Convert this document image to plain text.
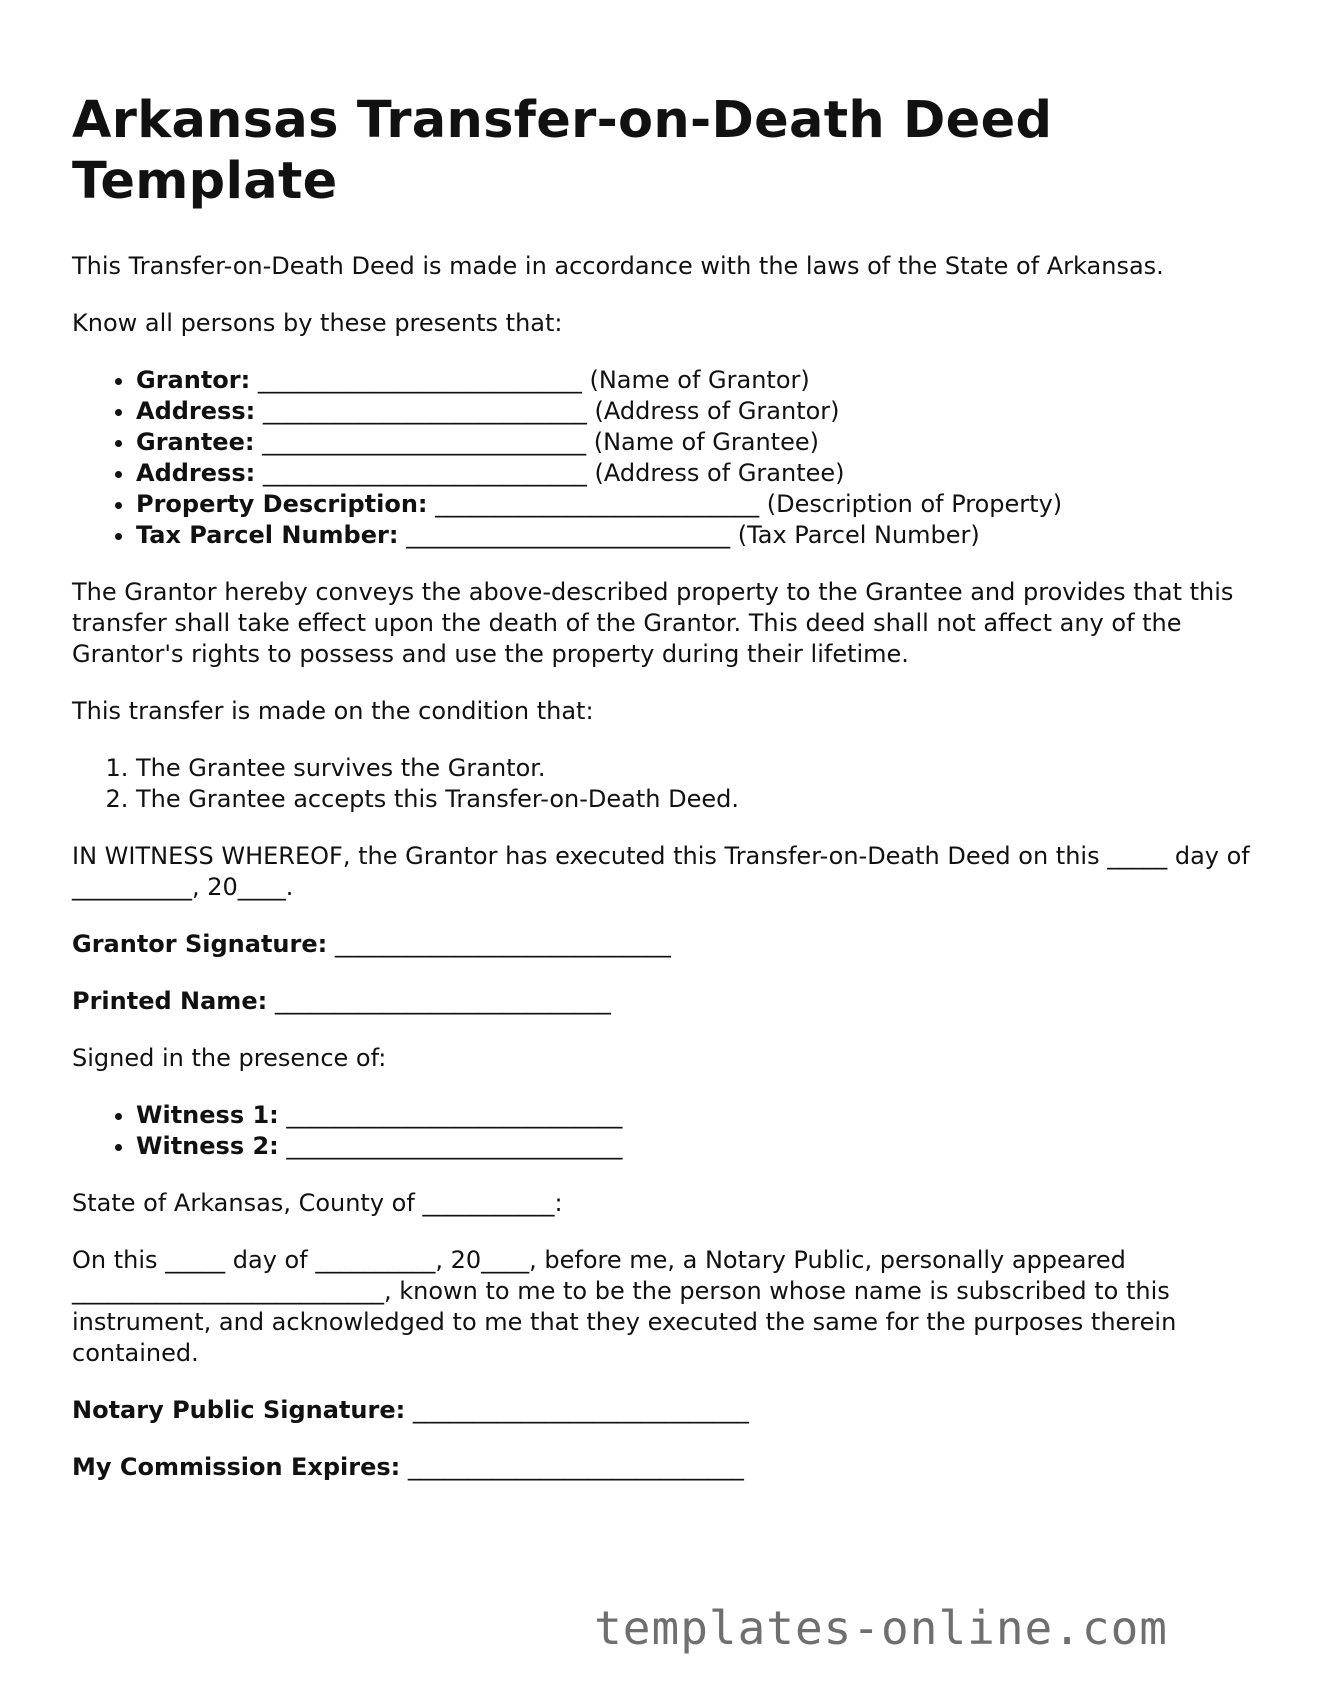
Arkansas Transfer-on-Death Deed Template

This Transfer-on-Death Deed is made in accordance with the laws of the State of Arkansas.

Know all persons by these presents that:

• Grantor: ___________________________ (Name of Grantor)
• Address: ___________________________ (Address of Grantor)
• Grantee: ___________________________ (Name of Grantee)
• Address: ___________________________ (Address of Grantee)
• Property Description: ___________________________ (Description of Property)
• Tax Parcel Number: ___________________________ (Tax Parcel Number)

The Grantor hereby conveys the above-described property to the Grantee and provides that this transfer shall take effect upon the death of the Grantor. This deed shall not affect any of the Grantor's rights to possess and use the property during their lifetime.

This transfer is made on the condition that:

1. The Grantee survives the Grantor.
2. The Grantee accepts this Transfer-on-Death Deed.

IN WITNESS WHEREOF, the Grantor has executed this Transfer-on-Death Deed on this _____ day of __________, 20____.

Grantor Signature: ____________________________

Printed Name: ____________________________

Signed in the presence of:

• Witness 1: ____________________________
• Witness 2: ____________________________

State of Arkansas, County of ___________:

On this _____ day of __________, 20____, before me, a Notary Public, personally appeared __________________________, known to me to be the person whose name is subscribed to this instrument, and acknowledged to me that they executed the same for the purposes therein contained.

Notary Public Signature: ____________________________

My Commission Expires: ____________________________

templates-online.com
